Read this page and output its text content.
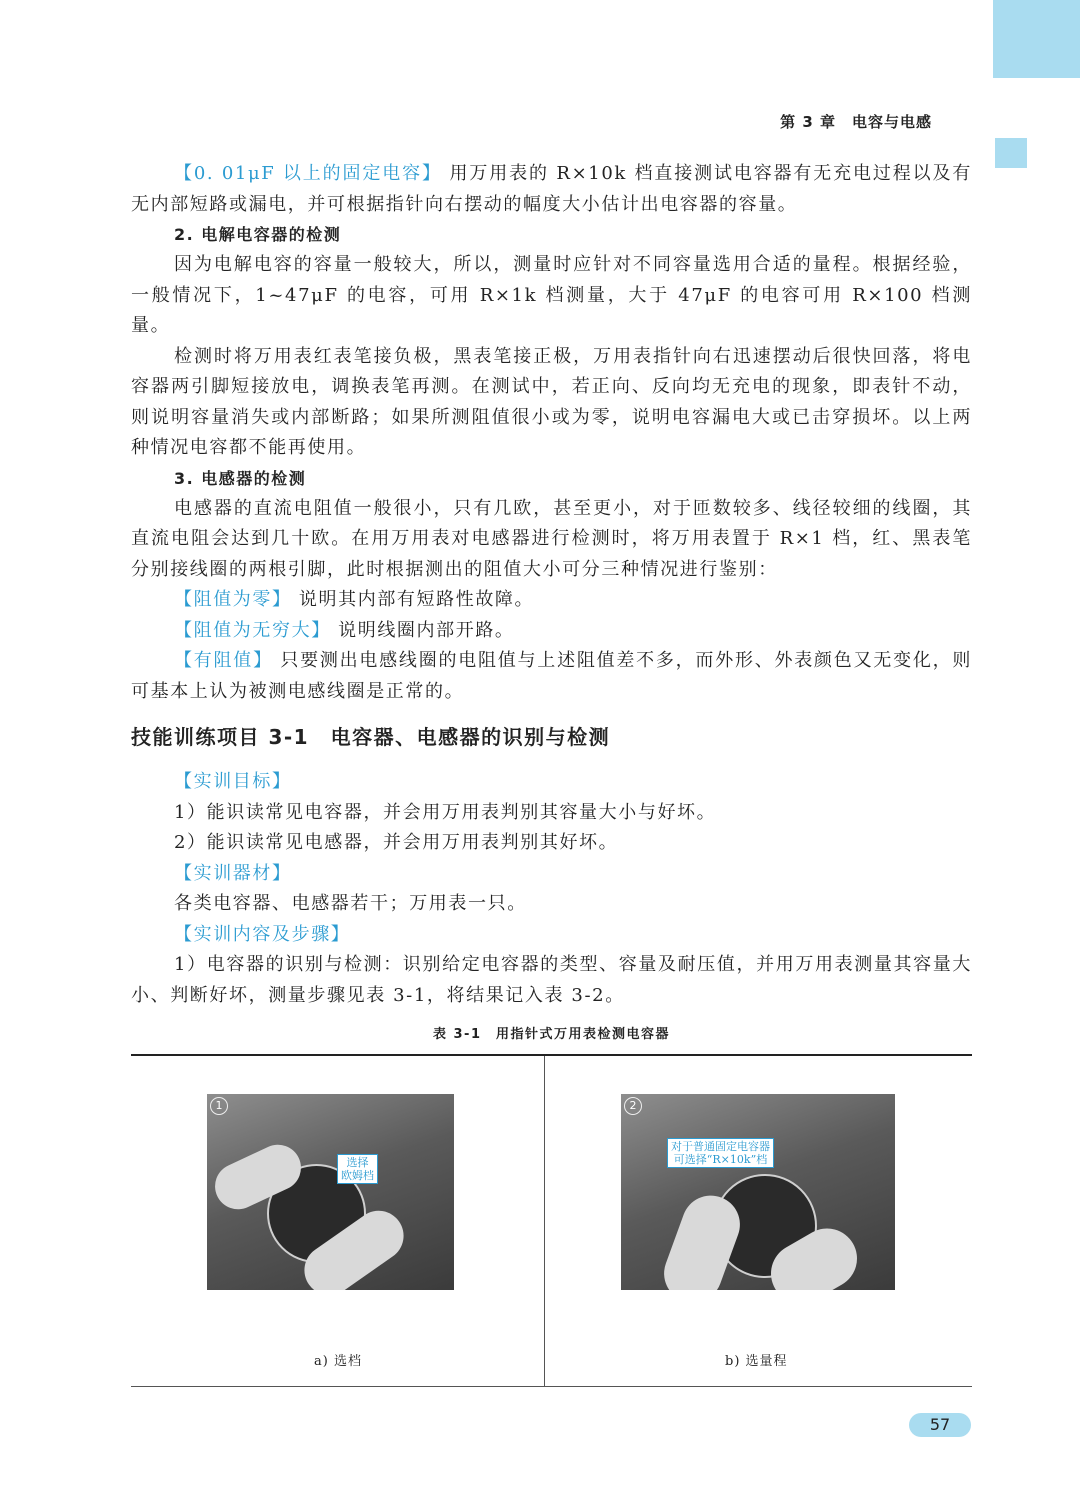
第 3 章　电容与电感

【0. 01μF 以上的固定电容】 用万用表的 R×10k 档直接测试电容器有无充电过程以及有无内部短路或漏电，并可根据指针向右摆动的幅度大小估计出电容器的容量。

2. 电解电容器的检测

因为电解电容的容量一般较大，所以，测量时应针对不同容量选用合适的量程。根据经验，一般情况下，1~47μF 的电容，可用 R×1k 档测量，大于 47μF 的电容可用 R×100 档测量。

检测时将万用表红表笔接负极，黑表笔接正极，万用表指针向右迅速摆动后很快回落，将电容器两引脚短接放电，调换表笔再测。在测试中，若正向、反向均无充电的现象，即表针不动，则说明容量消失或内部断路；如果所测阻值很小或为零，说明电容漏电大或已击穿损坏。以上两种情况电容都不能再使用。

3. 电感器的检测

电感器的直流电阻值一般很小，只有几欧，甚至更小，对于匝数较多、线径较细的线圈，其直流电阻会达到几十欧。在用万用表对电感器进行检测时，将万用表置于 R×1 档，红、黑表笔分别接线圈的两根引脚，此时根据测出的阻值大小可分三种情况进行鉴别：

【阻值为零】 说明其内部有短路性故障。

【阻值为无穷大】 说明线圈内部开路。

【有阻值】 只要测出电感线圈的电阻值与上述阻值差不多，而外形、外表颜色又无变化，则可基本上认为被测电感线圈是正常的。

技能训练项目 3-1　电容器、电感器的识别与检测

【实训目标】

1）能识读常见电容器，并会用万用表判别其容量大小与好坏。

2）能识读常见电感器，并会用万用表判别其好坏。

【实训器材】

各类电容器、电感器若干；万用表一只。

【实训内容及步骤】

1）电容器的识别与检测：识别给定电容器的类型、容量及耐压值，并用万用表测量其容量大小、判断好坏，测量步骤见表 3-1，将结果记入表 3-2。

表 3-1　用指针式万用表检测电容器
1
选择
欧姆档
a) 选档
2
对于普通固定电容器
可选择“R×10k”档
b) 选量程
57
